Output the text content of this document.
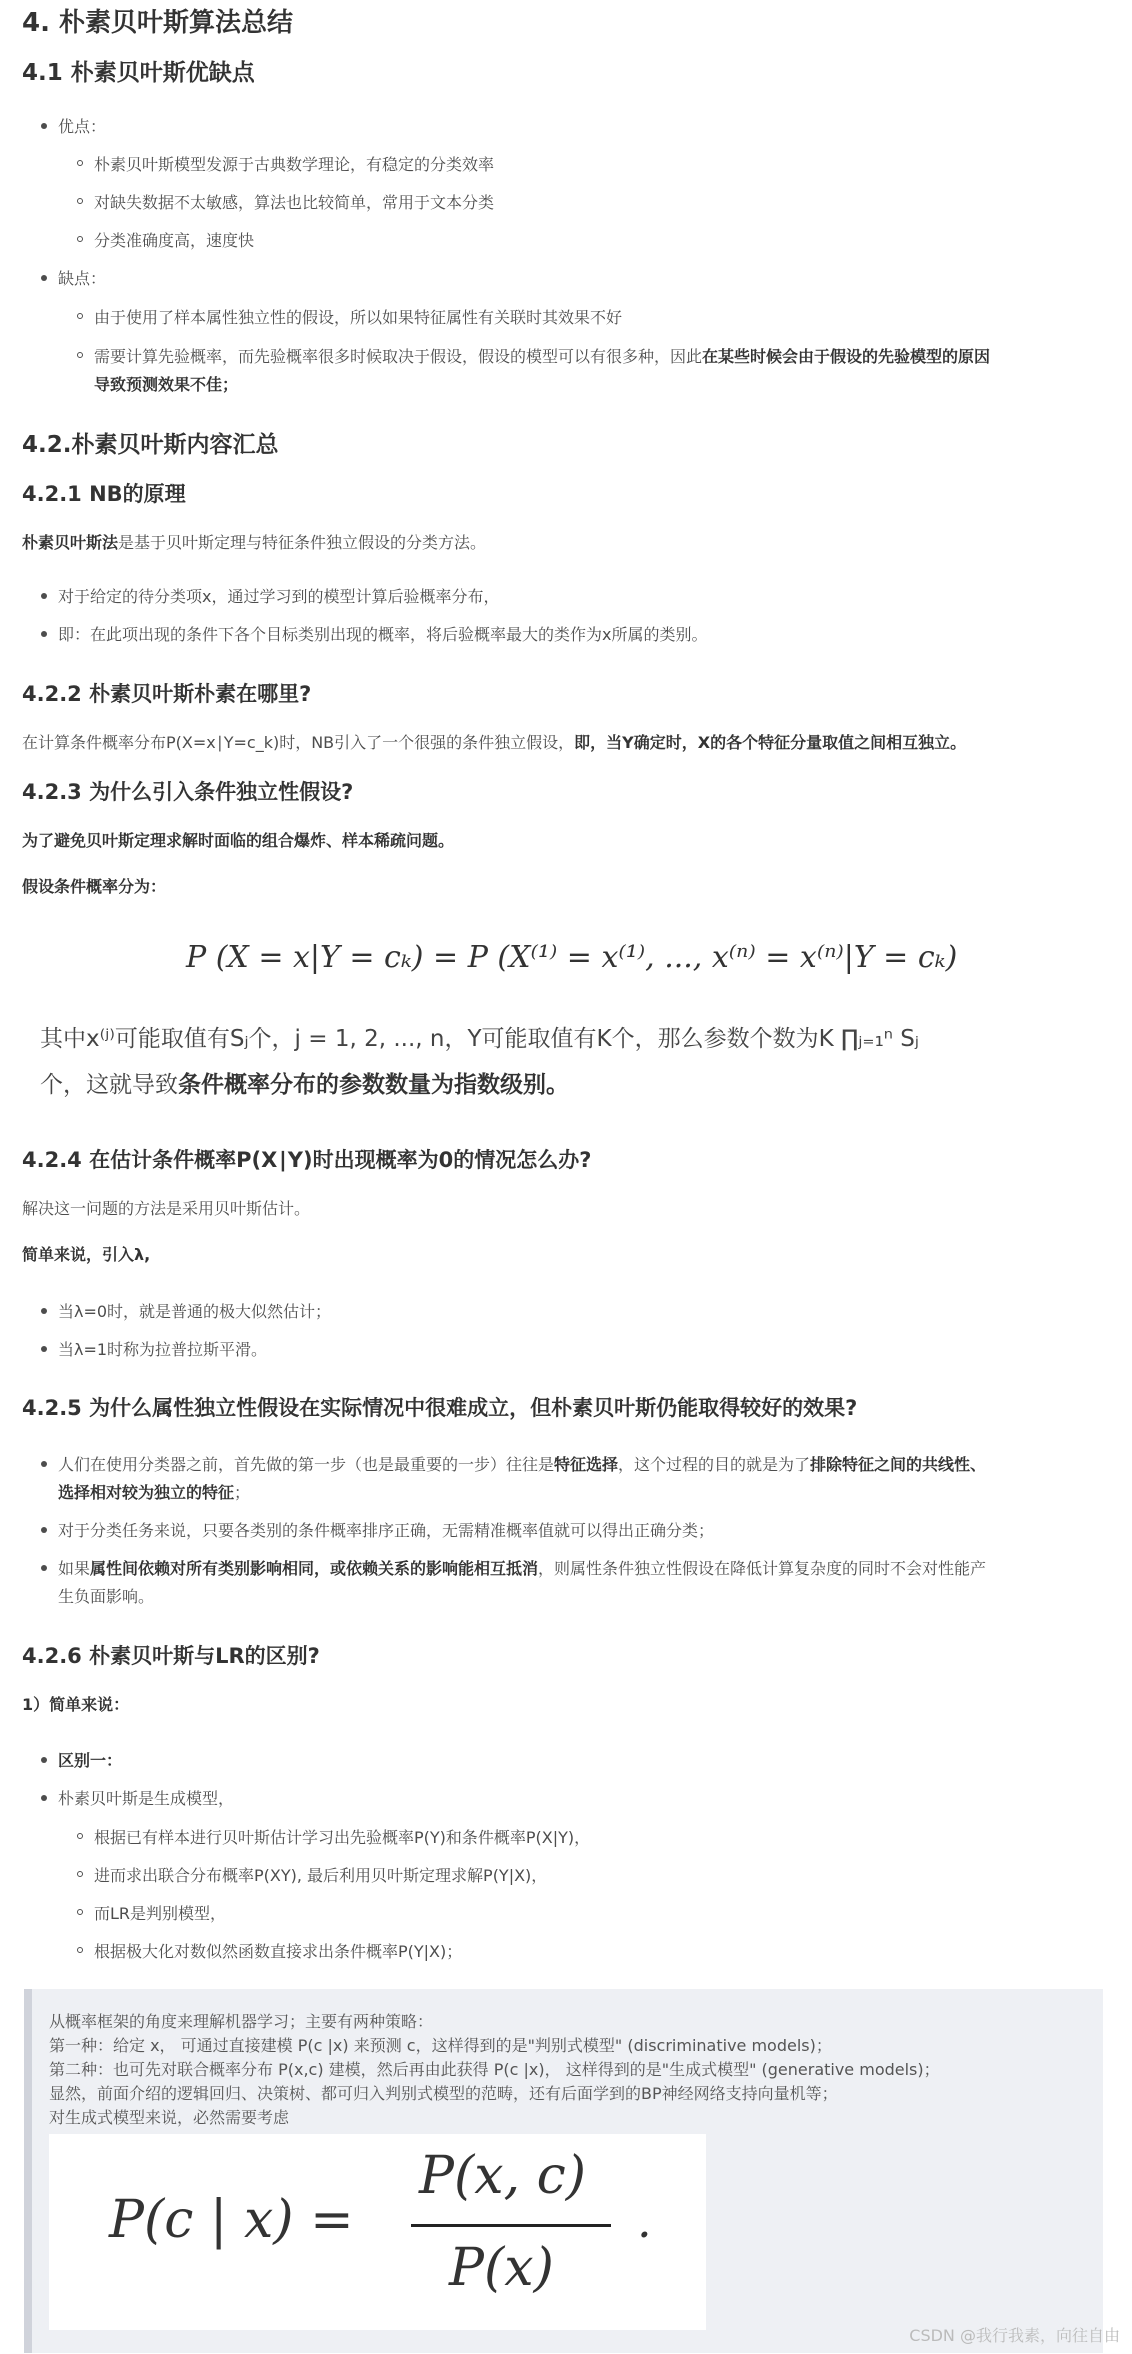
4. 朴素贝叶斯算法总结
4.1 朴素贝叶斯优缺点
优点：
朴素贝叶斯模型发源于古典数学理论，有稳定的分类效率
对缺失数据不太敏感，算法也比较简单，常用于文本分类
分类准确度高，速度快
缺点：
由于使用了样本属性独立性的假设，所以如果特征属性有关联时其效果不好
需要计算先验概率，而先验概率很多时候取决于假设，假设的模型可以有很多种，因此在某些时候会由于假设的先验模型的原因
导致预测效果不佳；
4.2.朴素贝叶斯内容汇总
4.2.1 NB的原理
朴素贝叶斯法是基于贝叶斯定理与特征条件独立假设的分类方法。
对于给定的待分类项x，通过学习到的模型计算后验概率分布，
即：在此项出现的条件下各个目标类别出现的概率，将后验概率最大的类作为x所属的类别。
4.2.2 朴素贝叶斯朴素在哪里?
在计算条件概率分布P(X=x∣Y=c_k)时，NB引入了一个很强的条件独立假设，即，当Y确定时，X的各个特征分量取值之间相互独立。
4.2.3 为什么引入条件独立性假设?
为了避免贝叶斯定理求解时面临的组合爆炸、样本稀疏问题。
假设条件概率分为：
P (X = x|Y = cₖ) = P (X⁽¹⁾ = x⁽¹⁾, ..., x⁽ⁿ⁾ = x⁽ⁿ⁾|Y = cₖ)
其中x⁽ʲ⁾可能取值有Sⱼ个，j = 1, 2, ..., n，Y可能取值有K个，那么参数个数为K ∏ⱼ₌₁ⁿ Sⱼ
个，这就导致条件概率分布的参数数量为指数级别。
4.2.4 在估计条件概率P(X∣Y)时出现概率为0的情况怎么办?
解决这一问题的方法是采用贝叶斯估计。
简单来说，引入λ,
当λ=0时，就是普通的极大似然估计；
当λ=1时称为拉普拉斯平滑。
4.2.5 为什么属性独立性假设在实际情况中很难成立，但朴素贝叶斯仍能取得较好的效果?
人们在使用分类器之前，首先做的第一步（也是最重要的一步）往往是特征选择，这个过程的目的就是为了排除特征之间的共线性、
选择相对较为独立的特征；
对于分类任务来说，只要各类别的条件概率排序正确，无需精准概率值就可以得出正确分类；
如果属性间依赖对所有类别影响相同，或依赖关系的影响能相互抵消，则属性条件独立性假设在降低计算复杂度的同时不会对性能产
生负面影响。
4.2.6 朴素贝叶斯与LR的区别?
1）简单来说：
区别一：
朴素贝叶斯是生成模型，
根据已有样本进行贝叶斯估计学习出先验概率P(Y)和条件概率P(X|Y)，
进而求出联合分布概率P(XY), 最后利用贝叶斯定理求解P(Y|X)，
而LR是判别模型，
根据极大化对数似然函数直接求出条件概率P(Y|X)；
从概率框架的角度来理解机器学习；主要有两种策略：
第一种：给定 x， 可通过直接建模 P(c |x) 来预测 c，这样得到的是"判别式模型" (discriminative models)；
第二种：也可先对联合概率分布 P(x,c) 建模，然后再由此获得 P(c |x)， 这样得到的是"生成式模型" (generative models)；
显然，前面介绍的逻辑回归、决策树、都可归入判别式模型的范畴，还有后面学到的BP神经网络支持向量机等；
对生成式模型来说，必然需要考虑
P(c | x) =
P(x, c)
P(x)
.
CSDN @我行我素，向往自由
